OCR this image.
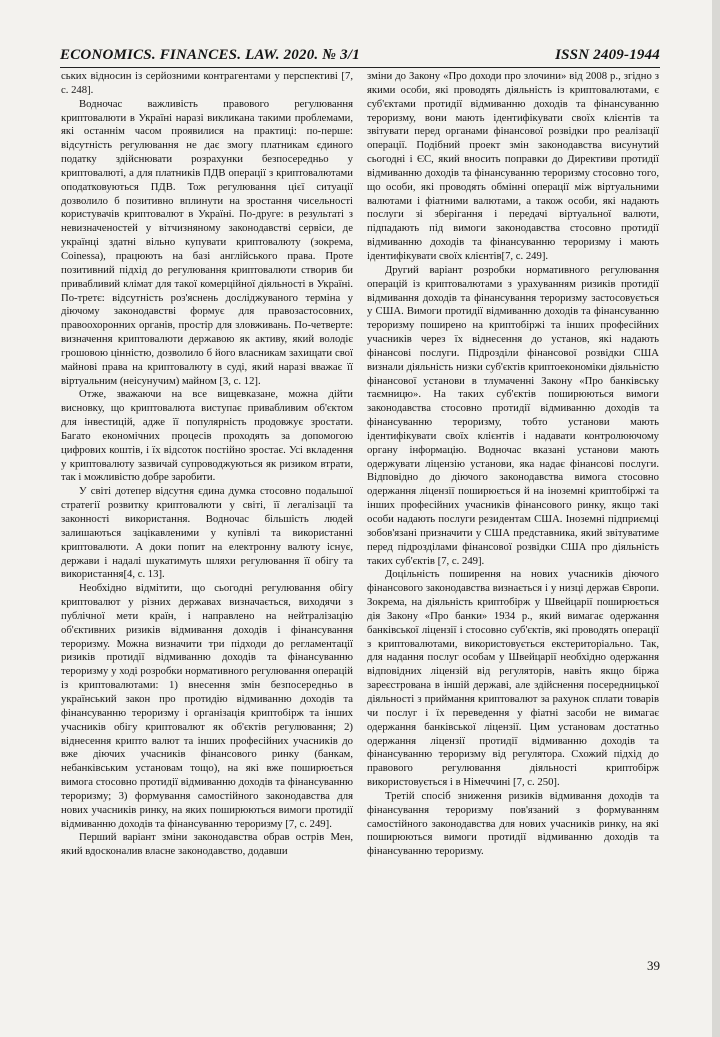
ECONOMICS. FINANCES. LAW. 2020. № 3/1	ISSN 2409-1944

ських відносин із серйозними контрагентами у перспективі [7, с. 248].

Водночас важливість правового регулювання криптовалюти в Україні наразі викликана такими проблемами, які останнім часом проявилися на практиці: по-перше: відсутність регулювання не дає змогу платникам єдиного податку здійснювати розрахунки безпосередньо у криптовалюті, а для платників ПДВ операції з криптовалютами оподатковуються ПДВ. Тож регулювання цієї ситуації дозволило б позитивно вплинути на зростання чисельності користувачів криптовалют в Україні. По-друге: в результаті з невизначеностей у вітчизняному законодавстві сервіси, де українці здатні вільно купувати криптовалюту (зокрема, Coinessa), працюють на базі англійського права. Проте позитивний підхід до регулювання криптовалюти створив би привабливий клімат для такої комерційної діяльності в Україні. По-третє: відсутність роз'яснень досліджуваного терміна у діючому законодавстві формує для правозастосовних, правоохоронних органів, простір для зловживань. По-четверте: визначення криптовалюти державою як активу, який володіє грошовою цінністю, дозволило б його власникам захищати свої майнові права на криптовалюту в суді, який наразі вважає її віртуальним (неісунучим) майном [3, с. 12].

Отже, зважаючи на все вищевказане, можна дійти висновку, що криптовалюта виступає привабливим об'єктом для інвестицій, адже її популярність продовжує зростати. Багато економічних процесів проходять за допомогою цифрових коштів, і їх відсоток постійно зростає. Усі вкладення у криптовалюту зазвичай супроводжуються як ризиком втрати, так і можливістю добре заробити.

У світі дотепер відсутня єдина думка стосовно подальшої стратегії розвитку криптовалюти у світі, її легалізації та законності використання. Водночас більшість людей залишаються зацікавленими у купівлі та використанні криптовалюти. А доки попит на електронну валюту існує, держави і надалі шукатимуть шляхи регулювання її обігу та використання[4, с. 13].

Необхідно відмітити, що сьогодні регулювання обігу криптовалют у різних державах визначається, виходячи з публічної мети країн, і направлено на нейтралізацію об'єктивних ризиків відмивання доходів і фінансування тероризму. Можна визначити три підходи до регламентації ризиків протидії відмиванню доходів та фінансуванню тероризму у ході розробки нормативного регулювання операцій із криптовалютами: 1) внесення змін безпосередньо в український закон про протидію відмиванню доходів та фінансуванню тероризму і організація криптобірж та інших учасників обігу криптовалют як об'єктів регулювання; 2) віднесення крипто валют та інших професійних учасників до вже діючих учасників фінансового ринку (банкам, небанківським установам тощо), на які вже поширюється вимога стосовно протидії відмиванню доходів та фінансуванню тероризму; 3) формування самостійного законодавства для нових учасників ринку, на яких поширюються вимоги протидії відмиванню доходів та фінансуванню тероризму [7, с. 249].

Перший варіант зміни законодавства обрав острів Мен, який вдосконалив власне законодавство, додавши

зміни до Закону «Про доходи про злочини» від 2008 р., згідно з якими особи, які проводять діяльність із криптовалютами, є суб'єктами протидії відмиванню доходів та фінансуванню тероризму, вони мають ідентифікувати своїх клієнтів та звітувати перед органами фінансової розвідки про реалізації операції. Подібний проект змін законодавства висунутий сьогодні і ЄС, який вносить поправки до Директиви протидії відмиванню доходів та фінансуванню тероризму стосовно того, що особи, які проводять обмінні операції між віртуальними валютами і фіатними валютами, а також особи, які надають послуги зі зберігання і передачі віртуальної валюти, підпадають під вимоги законодавства стосовно протидії відмиванню доходів та фінансуванню тероризму і мають ідентифікувати своїх клієнтів[7, с. 249].

Другий варіант розробки нормативного регулювання операцій із криптовалютами з урахуванням ризиків протидії відмивання доходів та фінансування тероризму застосовується у США. Вимоги протидії відмиванню доходів та фінансуванню тероризму поширено на криптобіржі та інших професійних учасників через їх віднесення до установ, які надають фінансові послуги. Підрозділи фінансової розвідки США визнали діяльність низки суб'єктів криптоекономіки діяльністю фінансової установи в тлумаченні Закону «Про банківську таємницю». На таких суб'єктів поширюються вимоги законодавства стосовно протидії відмиванню доходів та фінансуванню тероризму, тобто установи мають ідентифікувати своїх клієнтів і надавати контролюючому органу інформацію. Водночас вказані установи мають одержувати ліцензію установи, яка надає фінансові послуги. Відповідно до діючого законодавства вимога стосовно одержання ліцензії поширюється й на іноземні криптобіржі та інших професійних учасників фінансового ринку, якщо такі особи надають послуги резидентам США. Іноземні підприємці зобов'язані призначити у США представника, який звітуватиме перед підрозділами фінансової розвідки США про діяльність таких суб'єктів [7, с. 249].

Доцільність поширення на нових учасників діючого фінансового законодавства визнається і у низці держав Європи. Зокрема, на діяльність криптобірж у Швейцарії поширюється дія Закону «Про банки» 1934 р., який вимагає одержання банківської ліцензії і стосовно суб'єктів, які проводять операції з криптовалютами, використовується екстериторіально. Так, для надання послуг особам у Швейцарії необхідно одержання відповідних ліцензій від регуляторів, навіть якщо біржа зареєстрована в іншій державі, але здійснення посередницької діяльності з приймання криптовалют за рахунок сплати товарів чи послуг і їх переведення у фіатні засоби не вимагає одержання банківської ліцензії. Цим установам достатньо одержання ліцензії протидії відмиванню доходів та фінансуванню тероризму від регулятора. Схожий підхід до правового регулювання діяльності криптобірж використовується і в Німеччині [7, с. 250].

Третій спосіб зниження ризиків відмивання доходів та фінансування тероризму пов'язаний з формуванням самостійного законодавства для нових учасників ринку, на які поширюються вимоги протидії відмиванню доходів та фінансуванню тероризму.

39
